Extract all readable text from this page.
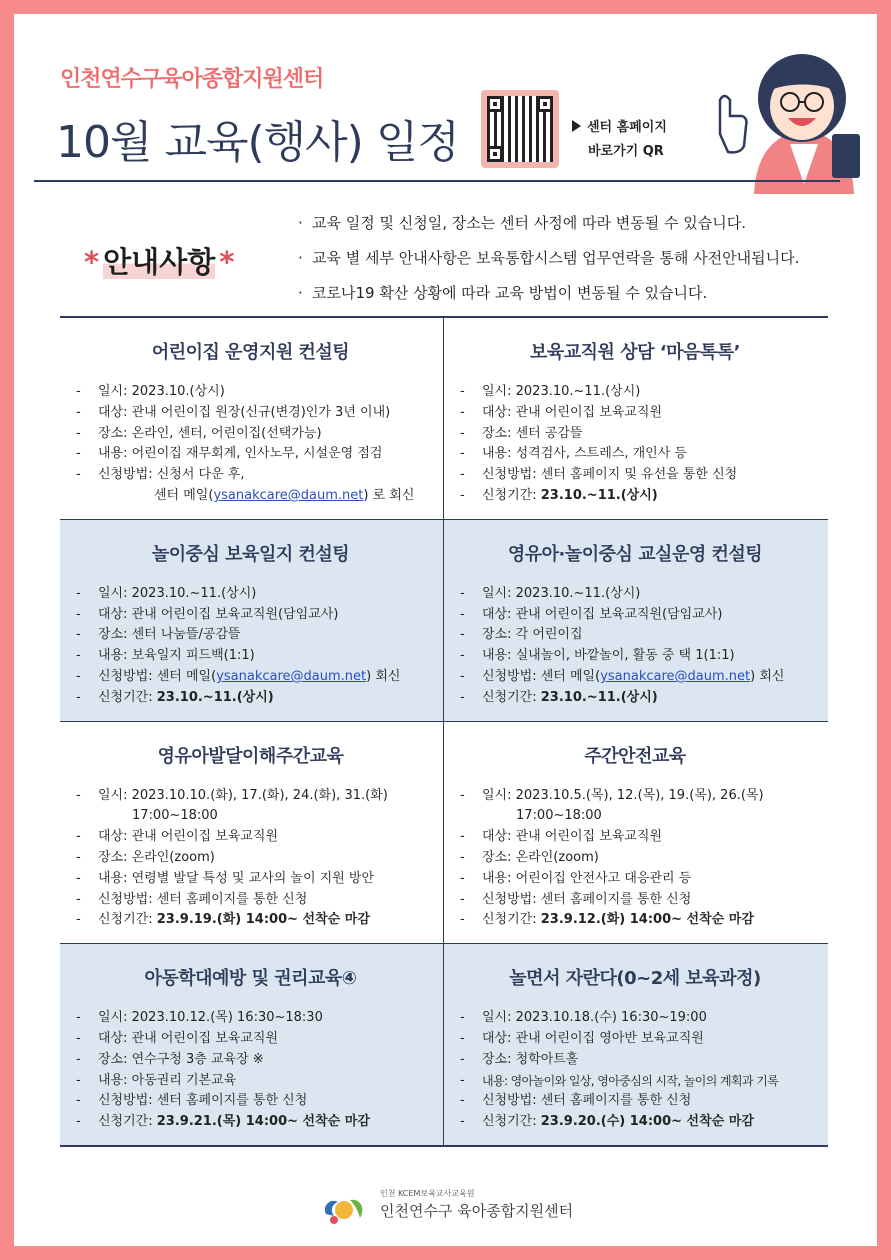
인천연수구육아종합지원센터
10월 교육(행사) 일정	센터 홈페이지
바로가기 QR
* 안내사항 *
· 교육 일정 및 신청일, 장소는 센터 사정에 따라 변동될 수 있습니다.
· 교육 별 세부 안내사항은 보육통합시스템 업무연락을 통해 사전안내됩니다.
· 코로나19 확산 상황에 따라 교육 방법이 변동될 수 있습니다.
어린이집 운영지원 컨설팅
-	일시: 2023.10.(상시)
-	대상: 관내 어린이집 원장(신규(변경)인가 3년 이내)
-	장소: 온라인, 센터, 어린이집(선택가능)
-	내용: 어린이집 재무회계, 인사노무, 시설운영 점검
-	신청방법: 신청서 다운 후,
센터 메일(ysanakcare@daum.net) 로 회신
보육교직원 상담 ‘마음톡톡’
-	일시: 2023.10.~11.(상시)
-	대상: 관내 어린이집 보육교직원
-	장소: 센터 공감뜰
-	내용: 성격검사, 스트레스, 개인사 등
-	신청방법: 센터 홈페이지 및 유선을 통한 신청
-	신청기간: 23.10.~11.(상시)
놀이중심 보육일지 컨설팅
-	일시: 2023.10.~11.(상시)
-	대상: 관내 어린이집 보육교직원(담임교사)
-	장소: 센터 나눔뜰/공감뜰
-	내용: 보육일지 피드백(1:1)
-	신청방법: 센터 메일(ysanakcare@daum.net) 회신
-	신청기간: 23.10.~11.(상시)
영유아·놀이중심 교실운영 컨설팅
-	일시: 2023.10.~11.(상시)
-	대상: 관내 어린이집 보육교직원(담임교사)
-	장소: 각 어린이집
-	내용: 실내놀이, 바깥놀이, 활동 중 택 1(1:1)
-	신청방법: 센터 메일(ysanakcare@daum.net) 회신
-	신청기간: 23.10.~11.(상시)
영유아발달이해주간교육
-	일시: 2023.10.10.(화), 17.(화), 24.(화), 31.(화)
17:00~18:00
-	대상: 관내 어린이집 보육교직원
-	장소: 온라인(zoom)
-	내용: 연령별 발달 특성 및 교사의 놀이 지원 방안
-	신청방법: 센터 홈페이지를 통한 신청
-	신청기간: 23.9.19.(화) 14:00~ 선착순 마감
주간안전교육
-	일시: 2023.10.5.(목), 12.(목), 19.(목), 26.(목)
17:00~18:00
-	대상: 관내 어린이집 보육교직원
-	장소: 온라인(zoom)
-	내용: 어린이집 안전사고 대응관리 등
-	신청방법: 센터 홈페이지를 통한 신청
-	신청기간: 23.9.12.(화) 14:00~ 선착순 마감
아동학대예방 및 권리교육④
-	일시: 2023.10.12.(목) 16:30~18:30
-	대상: 관내 어린이집 보육교직원
-	장소: 연수구청 3층 교육장 ※
-	내용: 아동권리 기본교육
-	신청방법: 센터 홈페이지를 통한 신청
-	신청기간: 23.9.21.(목) 14:00~ 선착순 마감
놀면서 자란다(0~2세 보육과정)
-	일시: 2023.10.18.(수) 16:30~19:00
-	대상: 관내 어린이집 영아반 보육교직원
-	장소: 청학아트홀
-	내용: 영아놀이와 일상, 영아중심의 시작, 놀이의 계획과 기록
-	신청방법: 센터 홈페이지를 통한 신청
-	신청기간: 23.9.20.(수) 14:00~ 선착순 마감
인천 KCEM보육교사교육원
인천연수구 육아종합지원센터
